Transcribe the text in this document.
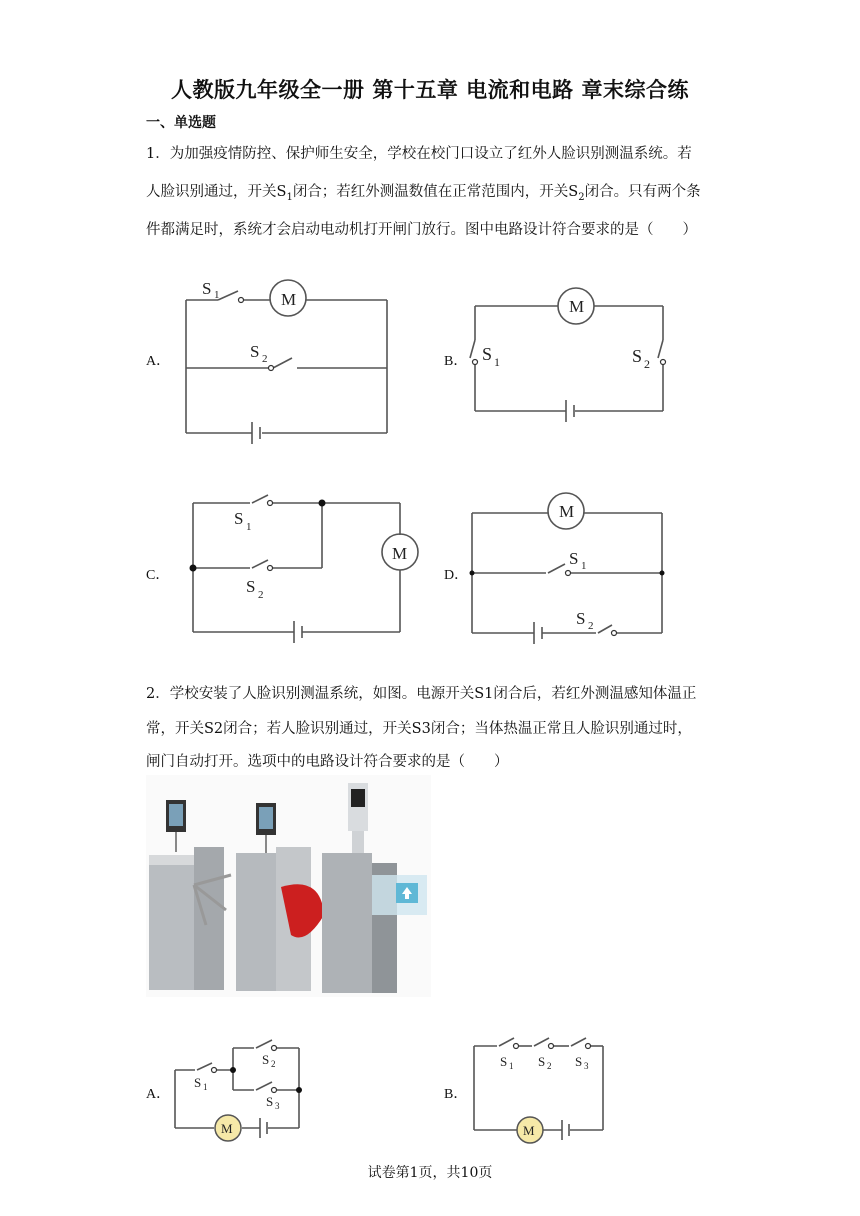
人教版九年级全一册 第十五章 电流和电路 章末综合练
一、单选题
1．为加强疫情防控、保护师生安全，学校在校门口设立了红外人脸识别测温系统。若
人脸识别通过，开关$S_1$闭合；若红外测温数值在正常范围内，开关$S_2$闭合。只有两个条
件都满足时，系统才会启动电动机打开闸门放行。图中电路设计符合要求的是（　　）
A．	B．
C．	D．
M	M
M
M
M	M
S 1
S 2	S 1	S 2
S 1
S 2
S 1
S 2
S 1
S 2
S 3
S 1 S 2 S 3
2．学校安装了人脸识别测温系统，如图。电源开关S1闭合后，若红外测温感知体温正
常，开关S2闭合；若人脸识别通过，开关S3闭合；当体热温正常且人脸识别通过时，
闸门自动打开。选项中的电路设计符合要求的是（　　）
A．	B．
试卷第1页，共10页
